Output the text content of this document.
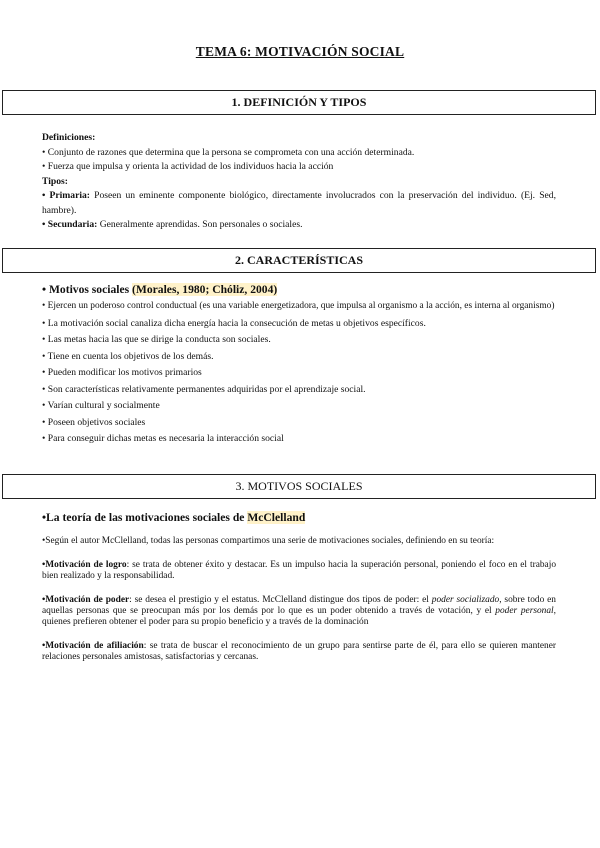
TEMA 6: MOTIVACIÓN SOCIAL
1. DEFINICIÓN Y TIPOS
Definiciones:
• Conjunto de razones que determina que la persona se comprometa con una acción determinada.
• Fuerza que impulsa y orienta la actividad de los individuos hacia la acción
Tipos:
• Primaria: Poseen un eminente componente biológico, directamente involucrados con la preservación del individuo. (Ej. Sed, hambre).
• Secundaria: Generalmente aprendidas. Son personales o sociales.
2. CARACTERÍSTICAS
• Motivos sociales (Morales, 1980; Chóliz, 2004)
• Ejercen un poderoso control conductual (es una variable energetizadora, que impulsa al organismo a la acción, es interna al organismo)
• La motivación social canaliza dicha energía hacia la consecución de metas u objetivos específicos.
• Las metas hacia las que se dirige la conducta son sociales.
• Tiene en cuenta los objetivos de los demás.
• Pueden modificar los motivos primarios
• Son características relativamente permanentes adquiridas por el aprendizaje social.
• Varían cultural y socialmente
• Poseen objetivos sociales
• Para conseguir dichas metas es necesaria la interacción social
3. MOTIVOS SOCIALES
•La teoría de las motivaciones sociales de McClelland
•Según el autor McClelland, todas las personas compartimos una serie de motivaciones sociales, definiendo en su teoría:
•Motivación de logro: se trata de obtener éxito y destacar. Es un impulso hacia la superación personal, poniendo el foco en el trabajo bien realizado y la responsabilidad.
•Motivación de poder: se desea el prestigio y el estatus. McClelland distingue dos tipos de poder: el poder socializado, sobre todo en aquellas personas que se preocupan más por los demás por lo que es un poder obtenido a través de votación, y el poder personal, quienes prefieren obtener el poder para su propio beneficio y a través de la dominación
•Motivación de afiliación: se trata de buscar el reconocimiento de un grupo para sentirse parte de él, para ello se quieren mantener relaciones personales amistosas, satisfactorias y cercanas.
